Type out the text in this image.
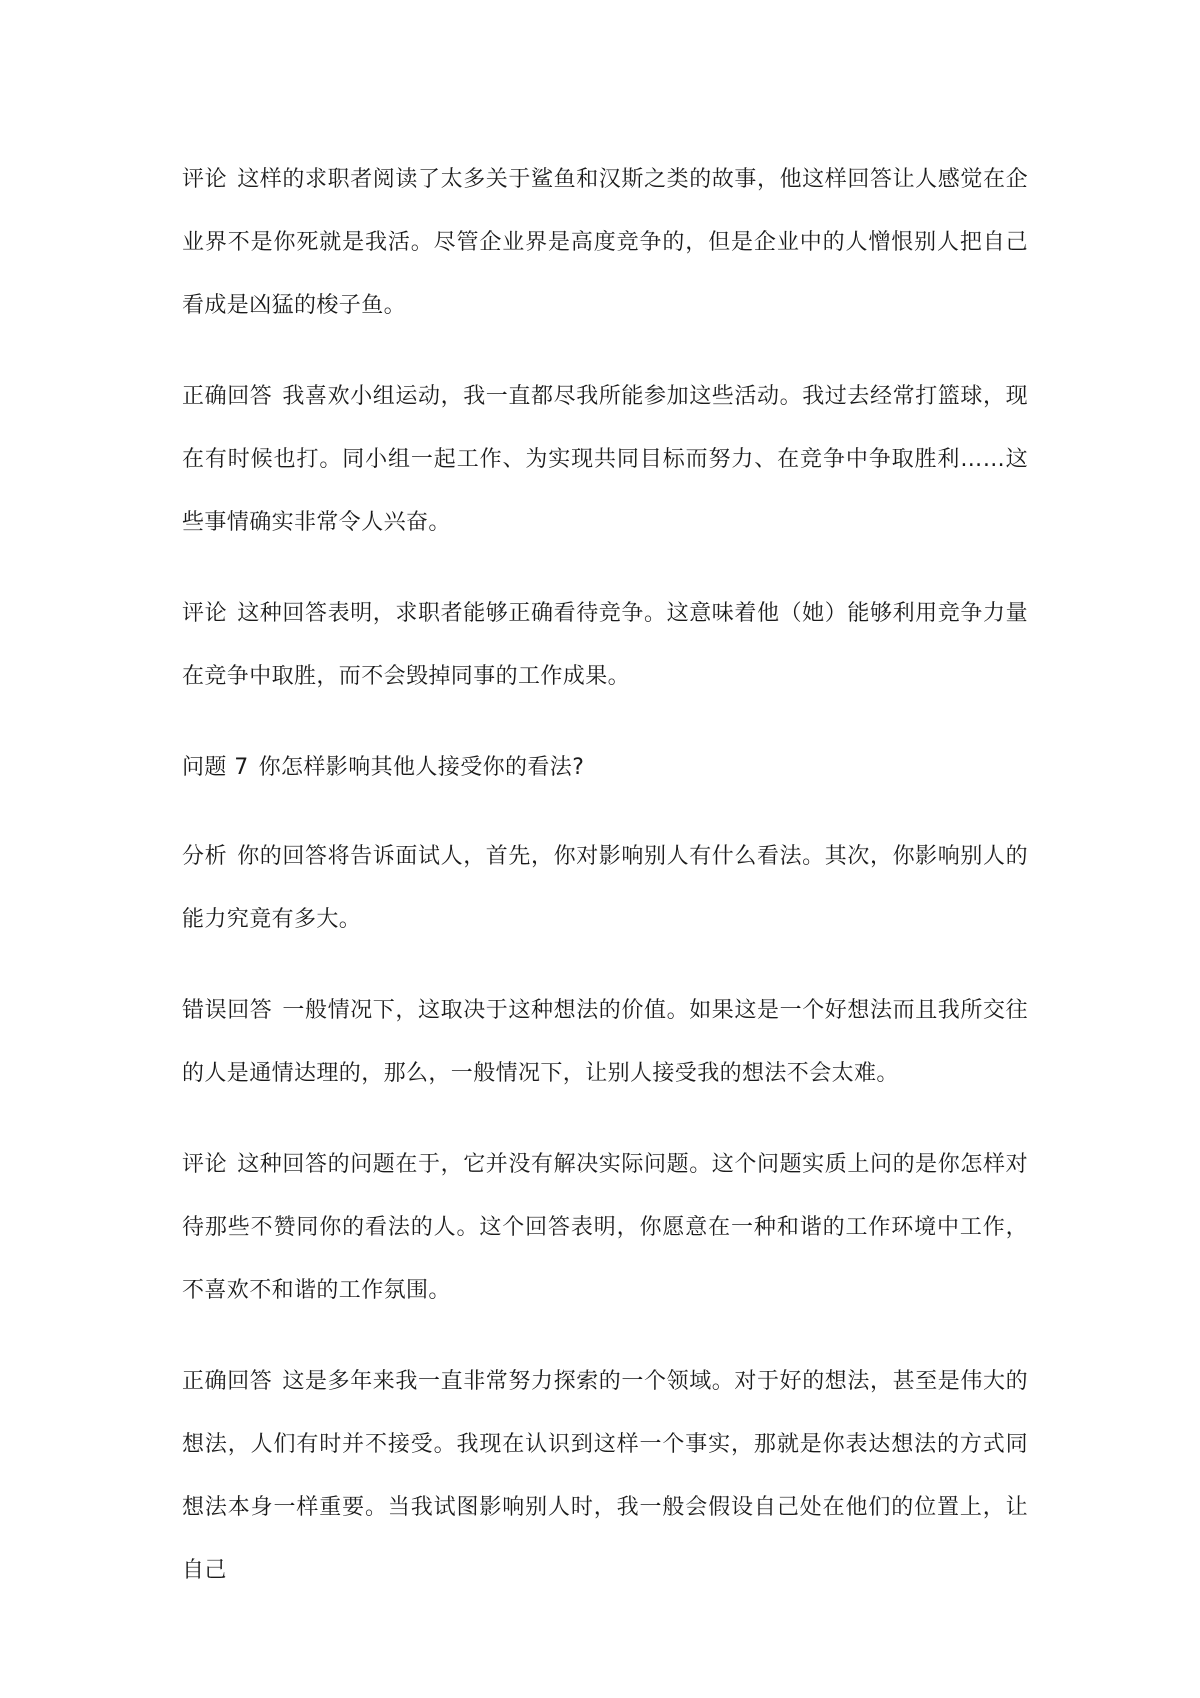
评论 这样的求职者阅读了太多关于鲨鱼和汉斯之类的故事，他这样回答让人感觉在企业界不是你死就是我活。尽管企业界是高度竞争的，但是企业中的人憎恨别人把自己看成是凶猛的梭子鱼。

正确回答 我喜欢小组运动，我一直都尽我所能参加这些活动。我过去经常打篮球，现在有时候也打。同小组一起工作、为实现共同目标而努力、在竞争中争取胜利……这些事情确实非常令人兴奋。

评论 这种回答表明，求职者能够正确看待竞争。这意味着他（她）能够利用竞争力量在竞争中取胜，而不会毁掉同事的工作成果。

问题 7 你怎样影响其他人接受你的看法?

分析 你的回答将告诉面试人，首先，你对影响别人有什么看法。其次，你影响别人的能力究竟有多大。

错误回答 一般情况下，这取决于这种想法的价值。如果这是一个好想法而且我所交往的人是通情达理的，那么，一般情况下，让别人接受我的想法不会太难。

评论 这种回答的问题在于，它并没有解决实际问题。这个问题实质上问的是你怎样对待那些不赞同你的看法的人。这个回答表明，你愿意在一种和谐的工作环境中工作，不喜欢不和谐的工作氛围。

正确回答 这是多年来我一直非常努力探索的一个领域。对于好的想法，甚至是伟大的想法，人们有时并不接受。我现在认识到这样一个事实，那就是你表达想法的方式同想法本身一样重要。当我试图影响别人时，我一般会假设自己处在他们的位置上，让自己
